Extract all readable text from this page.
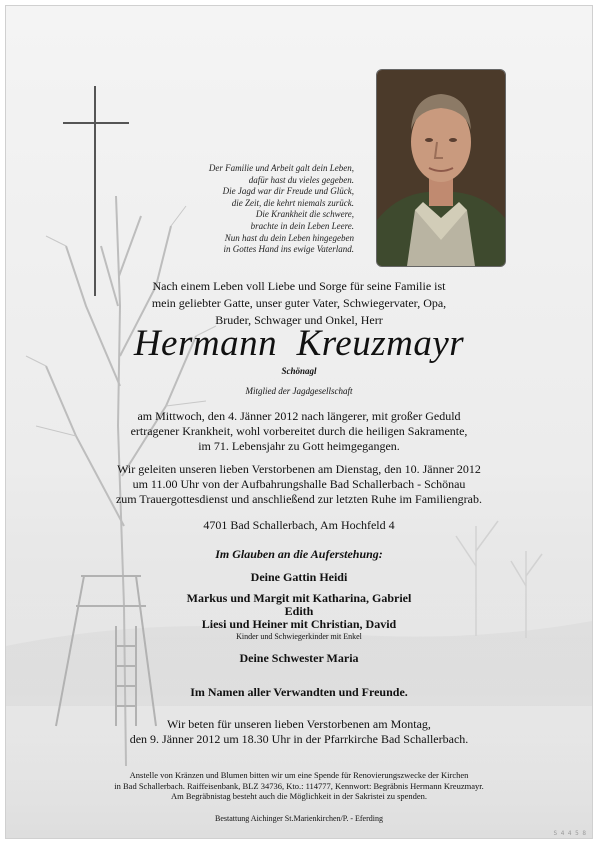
Der Familie und Arbeit galt dein Leben,
dafür hast du vieles gegeben.
Die Jagd war dir Freude und Glück,
die Zeit, die kehrt niemals zurück.
Die Krankheit die schwere,
brachte in dein Leben Leere.
Nun hast du dein Leben hingegeben
in Gottes Hand ins ewige Vaterland.
Nach einem Leben voll Liebe und Sorge für seine Familie ist
mein geliebter Gatte, unser guter Vater, Schwiegervater, Opa,
Bruder, Schwager und Onkel, Herr
Hermann  Kreuzmayr
Schönagl
Mitglied der Jagdgesellschaft
am Mittwoch, den 4. Jänner 2012 nach längerer, mit großer Geduld
ertragener Krankheit, wohl vorbereitet durch die heiligen Sakramente,
im 71. Lebensjahr zu Gott heimgegangen.
Wir geleiten unseren lieben Verstorbenen am Dienstag, den 10. Jänner 2012
um 11.00 Uhr von der Aufbahrungshalle Bad Schallerbach - Schönau
zum Trauergottesdienst und anschließend zur letzten Ruhe im Familiengrab.
4701 Bad Schallerbach, Am Hochfeld 4
Im Glauben an die Auferstehung:
Deine Gattin Heidi
Markus und Margit mit Katharina, Gabriel
Edith
Liesi und Heiner mit Christian, David
Kinder und Schwiegerkinder mit Enkel
Deine Schwester Maria
Im Namen aller Verwandten und Freunde.
Wir beten für unseren lieben Verstorbenen am Montag,
den 9. Jänner 2012 um 18.30 Uhr in der Pfarrkirche Bad Schallerbach.
Anstelle von Kränzen und Blumen bitten wir um eine Spende für Renovierungszwecke der Kirchen
in Bad Schallerbach. Raiffeisenbank, BLZ 34736, Kto.: 114777, Kennwort: Begräbnis Hermann Kreuzmayr.
Am Begräbnistag besteht auch die Möglichkeit in der Sakristei zu spenden.
Bestattung Aichinger St.Marienkirchen/P. - Eferding
S 4 4 5 8
